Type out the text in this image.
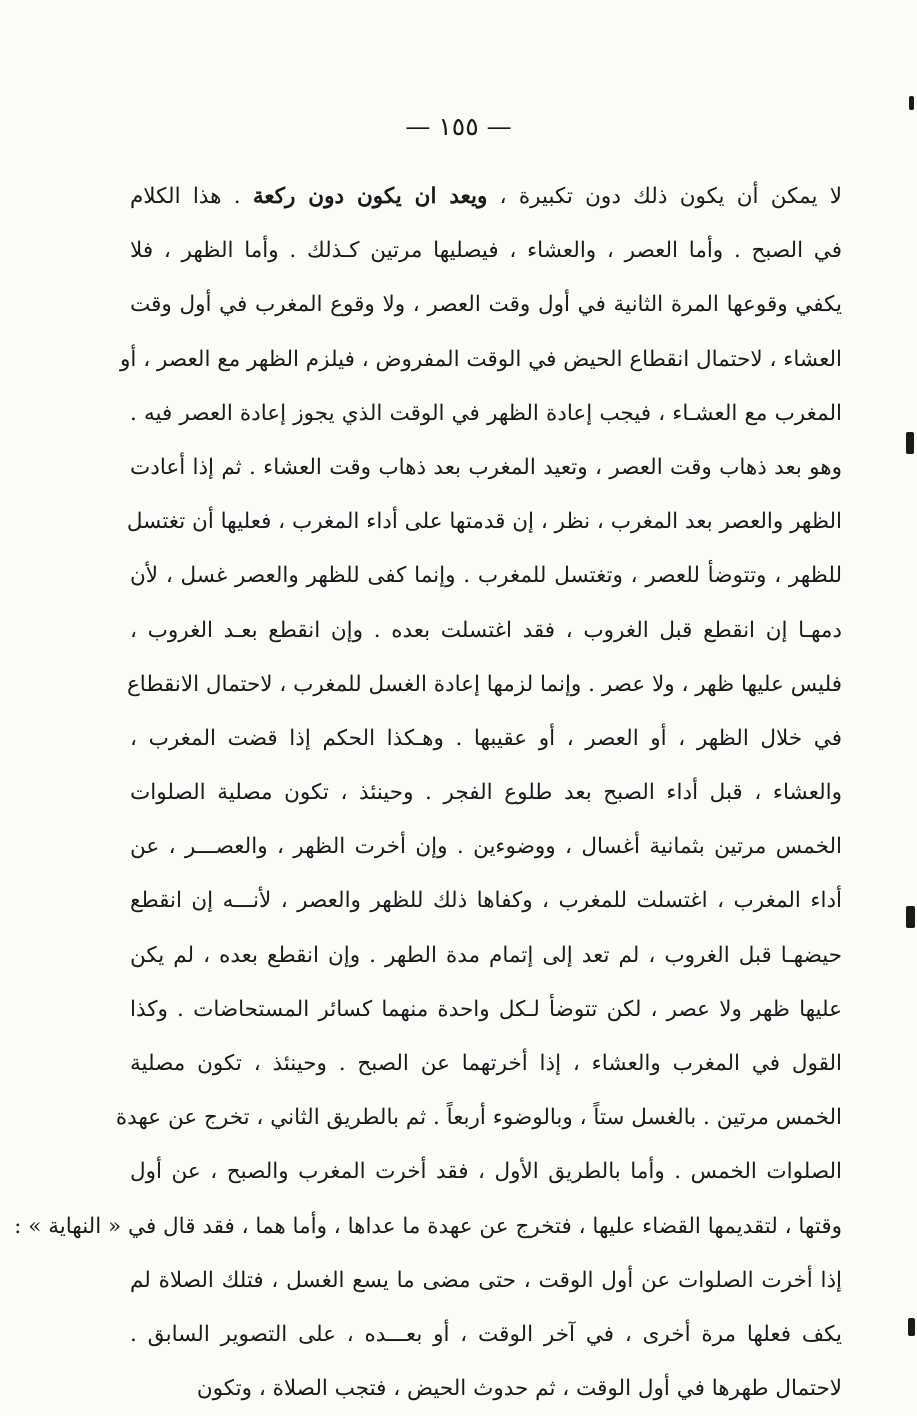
— ١٥٥ —
لا يمكن أن يكون ذلك دون تكبيرة ، ويعد ان يكون دون ركعة . هذا الكلام
في الصبح . وأما العصر ، والعشاء ، فيصليها مرتين كـذلك . وأما الظهر ، فلا
يكفي وقوعها المرة الثانية في أول وقت العصر ، ولا وقوع المغرب في أول وقت
العشاء ، لاحتمال انقطاع الحيض في الوقت المفروض ، فيلزم الظهر مع العصر ، أو
المغرب مع العشـاء ، فيجب إعادة الظهر في الوقت الذي يجوز إعادة العصر فيه .
وهو بعد ذهاب وقت العصر ، وتعيد المغرب بعد ذهاب وقت العشاء . ثم إذا أعادت
الظهر والعصر بعد المغرب ، نظر ، إن قدمتها على أداء المغرب ، فعليها أن تغتسل
للظهر ، وتتوضأ للعصر ، وتغتسل للمغرب . وإنما كفى للظهر والعصر غسل ، لأن
دمهـا إن انقطع قبل الغروب ، فقد اغتسلت بعده . وإن انقطع بعـد الغروب ،
فليس عليها ظهر ، ولا عصر . وإنما لزمها إعادة الغسل للمغرب ، لاحتمال الانقطاع
في خلال الظهر ، أو العصر ، أو عقيبها . وهـكذا الحكم إذا قضت المغرب ،
والعشاء ، قبل أداء الصبح بعد طلوع الفجر . وحينئذ ، تكون مصلية الصلوات
الخمس مرتين بثمانية أغسال ، ووضوءين . وإن أخرت الظهر ، والعصـــر ، عن
أداء المغرب ، اغتسلت للمغرب ، وكفاها ذلك للظهر والعصر ، لأنـــه إن انقطع
حيضهـا قبل الغروب ، لم تعد إلى إتمام مدة الطهر . وإن انقطع بعده ، لم يكن
عليها ظهر ولا عصر ، لكن تتوضأ لـكل واحدة منهما كسائر المستحاضات . وكذا
القول في المغرب والعشاء ، إذا أخرتهما عن الصبح . وحينئذ ، تكون مصلية
الخمس مرتين . بالغسل ستاً ، وبالوضوء أربعاً . ثم بالطريق الثاني ، تخرج عن عهدة
الصلوات الخمس . وأما بالطريق الأول ، فقد أخرت المغرب والصبح ، عن أول
وقتها ، لتقديمها القضاء عليها ، فتخرج عن عهدة ما عداها ، وأما هما ، فقد قال في « النهاية » :
إذا أخرت الصلوات عن أول الوقت ، حتى مضى ما يسع الغسل ، فتلك الصلاة لم
يكف فعلها مرة أخرى ، في آخر الوقت ، أو بعـــده ، على التصوير السابق .
لاحتمال طهرها في أول الوقت ، ثم حدوث الحيض ، فتجب الصلاة ، وتكون
